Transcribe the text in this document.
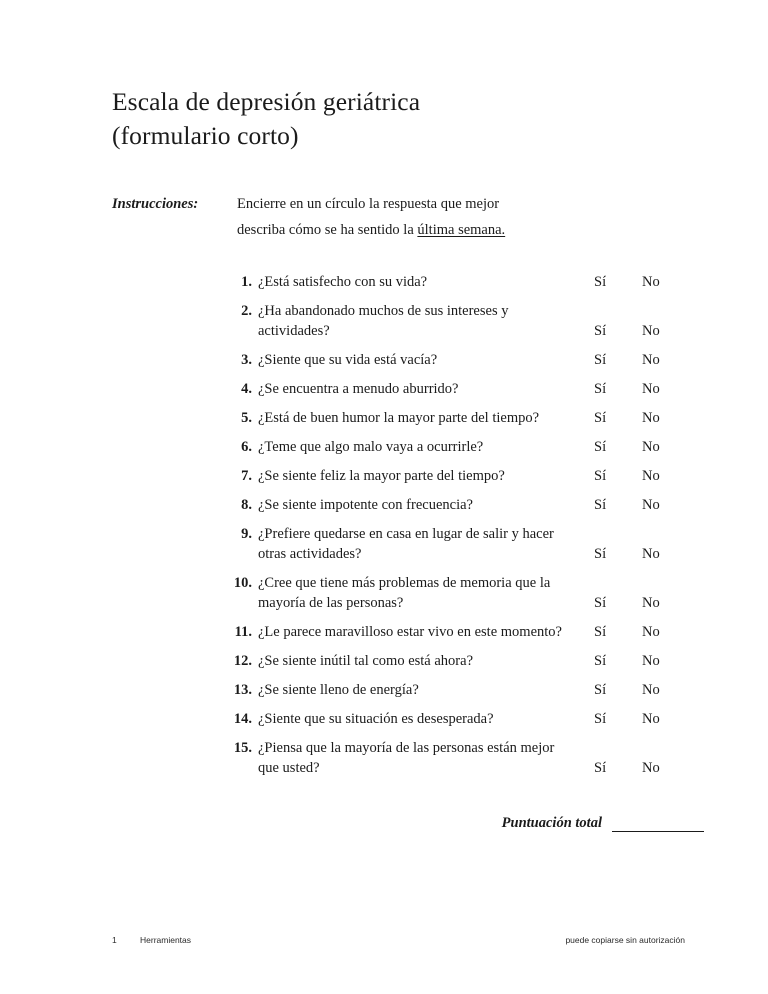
Escala de depresión geriátrica
(formulario corto)
Instrucciones:	Encierre en un círculo la respuesta que mejor
describa cómo se ha sentido la última semana.
1. ¿Está satisfecho con su vida?	Sí No
2. ¿Ha abandonado muchos de sus intereses y
actividades?	Sí No
3. ¿Siente que su vida está vacía?	Sí No
4. ¿Se encuentra a menudo aburrido?	Sí No
5. ¿Está de buen humor la mayor parte del tiempo?	Sí No
6. ¿Teme que algo malo vaya a ocurrirle?	Sí No
7. ¿Se siente feliz la mayor parte del tiempo?	Sí No
8. ¿Se siente impotente con frecuencia?	Sí No
9. ¿Prefiere quedarse en casa en lugar de salir y hacer
otras actividades?	Sí No
10. ¿Cree que tiene más problemas de memoria que la
mayoría de las personas?	Sí No
11. ¿Le parece maravilloso estar vivo en este momento?	Sí No
12. ¿Se siente inútil tal como está ahora?	Sí No
13. ¿Se siente lleno de energía?	Sí No
14. ¿Siente que su situación es desesperada?	Sí No
15. ¿Piensa que la mayoría de las personas están mejor
que usted?	Sí No
Puntuación total
1	Herramientas	puede copiarse sin autorización
